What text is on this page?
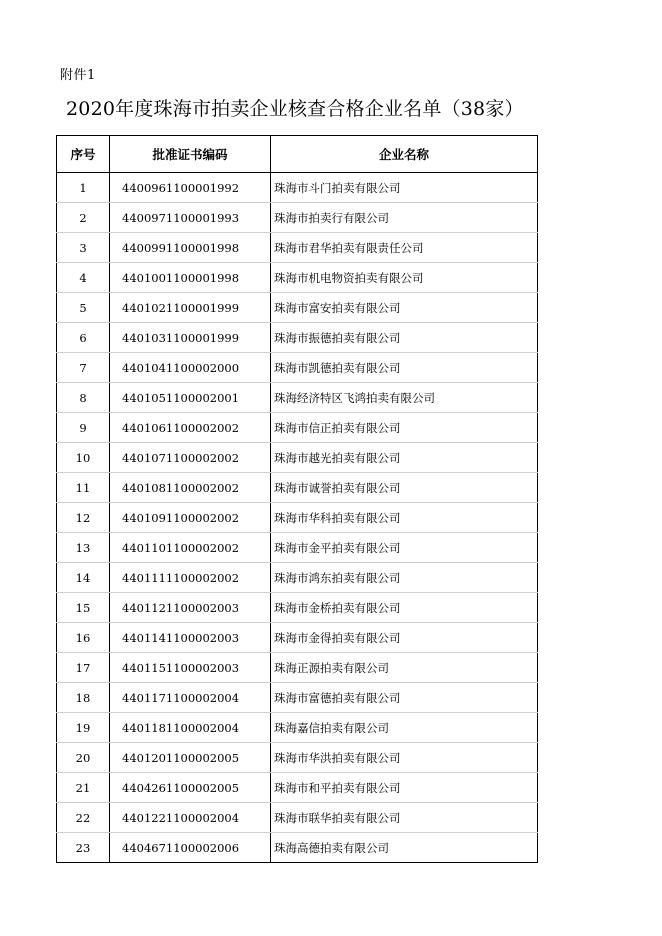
附件1
2020年度珠海市拍卖企业核查合格企业名单（38家）
序号	批准证书编码	企业名称
1	4400961100001992	珠海市斗门拍卖有限公司
2	4400971100001993	珠海市拍卖行有限公司
3	4400991100001998	珠海市君华拍卖有限责任公司
4	4401001100001998	珠海市机电物资拍卖有限公司
5	4401021100001999	珠海市富安拍卖有限公司
6	4401031100001999	珠海市振德拍卖有限公司
7	4401041100002000	珠海市凯德拍卖有限公司
8	4401051100002001	珠海经济特区飞鸿拍卖有限公司
9	4401061100002002	珠海市信正拍卖有限公司
10	4401071100002002	珠海市越光拍卖有限公司
11	4401081100002002	珠海市诚誉拍卖有限公司
12	4401091100002002	珠海市华科拍卖有限公司
13	4401101100002002	珠海市金平拍卖有限公司
14	4401111100002002	珠海市鸿东拍卖有限公司
15	4401121100002003	珠海市金桥拍卖有限公司
16	4401141100002003	珠海市金得拍卖有限公司
17	4401151100002003	珠海正源拍卖有限公司
18	4401171100002004	珠海市富德拍卖有限公司
19	4401181100002004	珠海嘉信拍卖有限公司
20	4401201100002005	珠海市华洪拍卖有限公司
21	4404261100002005	珠海市和平拍卖有限公司
22	4401221100002004	珠海市联华拍卖有限公司
23	4404671100002006	珠海高德拍卖有限公司
